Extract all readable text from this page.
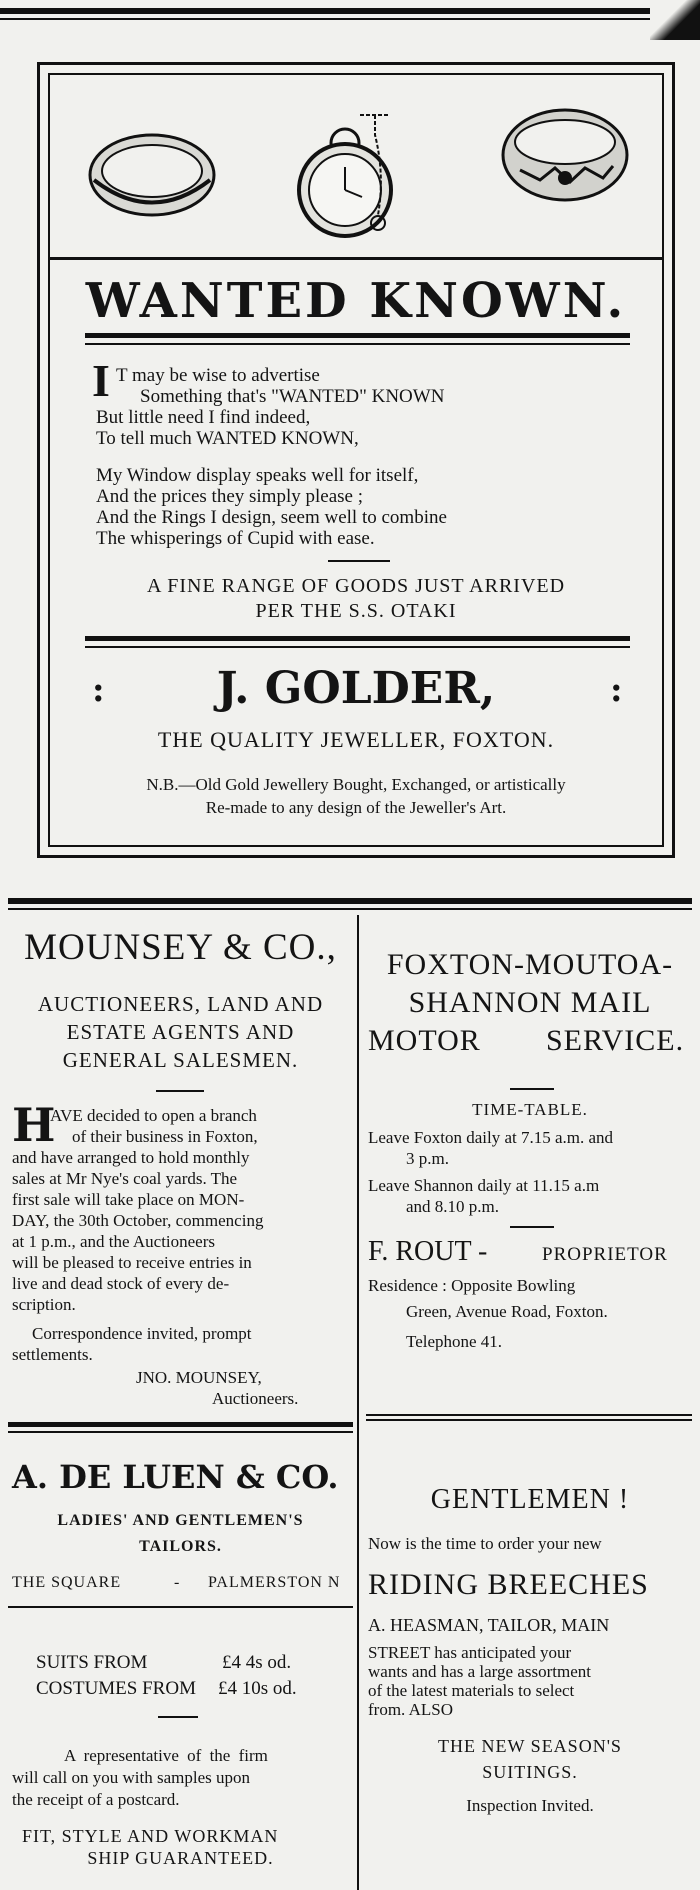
WANTED KNOWN.
I T may be wise to advertise
Something that's "WANTED" KNOWN
But little need I find indeed,
To tell much WANTED KNOWN,
My Window display speaks well for itself,
And the prices they simply please ;
And the Rings I design, seem well to combine
The whisperings of Cupid with ease.
A FINE RANGE OF GOODS JUST ARRIVED
PER THE S.S. OTAKI
:	J. GOLDER,	:
THE QUALITY JEWELLER, FOXTON.
N.B.—Old Gold Jewellery Bought, Exchanged, or artistically
Re-made to any design of the Jeweller's Art.
MOUNSEY & CO.,
AUCTIONEERS, LAND AND
ESTATE AGENTS AND
GENERAL SALESMEN.
H
AVE decided to open a branch
of their business in Foxton,
and have arranged to hold monthly
sales at Mr Nye's coal yards. The
first sale will take place on MON-
DAY, the 30th October, commencing
at 1 p.m., and the Auctioneers
will be pleased to receive entries in
live and dead stock of every de-
scription.
Correspondence invited, prompt
settlements.
JNO. MOUNSEY,
Auctioneers.
FOXTON-MOUTOA-
SHANNON MAIL
MOTOR SERVICE.
TIME-TABLE.
Leave Foxton daily at 7.15 a.m. and
3 p.m.
Leave Shannon daily at 11.15 a.m
and 8.10 p.m.
F. ROUT -	PROPRIETOR
Residence : Opposite Bowling
Green, Avenue Road, Foxton.
Telephone 41.
A. DE LUEN & CO.
LADIES' AND GENTLEMEN'S
TAILORS.
THE SQUARE	- PALMERSTON N
SUITS FROM	£4 4s od.
COSTUMES FROM £4 10s od.
A representative of the firm
will call on you with samples upon
the receipt of a postcard.
FIT, STYLE AND WORKMAN
SHIP GUARANTEED.
GENTLEMEN !
Now is the time to order your new
RIDING BREECHES
A. HEASMAN, TAILOR, MAIN
STREET has anticipated your
wants and has a large assortment
of the latest materials to select
from. ALSO
THE NEW SEASON'S
SUITINGS.
Inspection Invited.
